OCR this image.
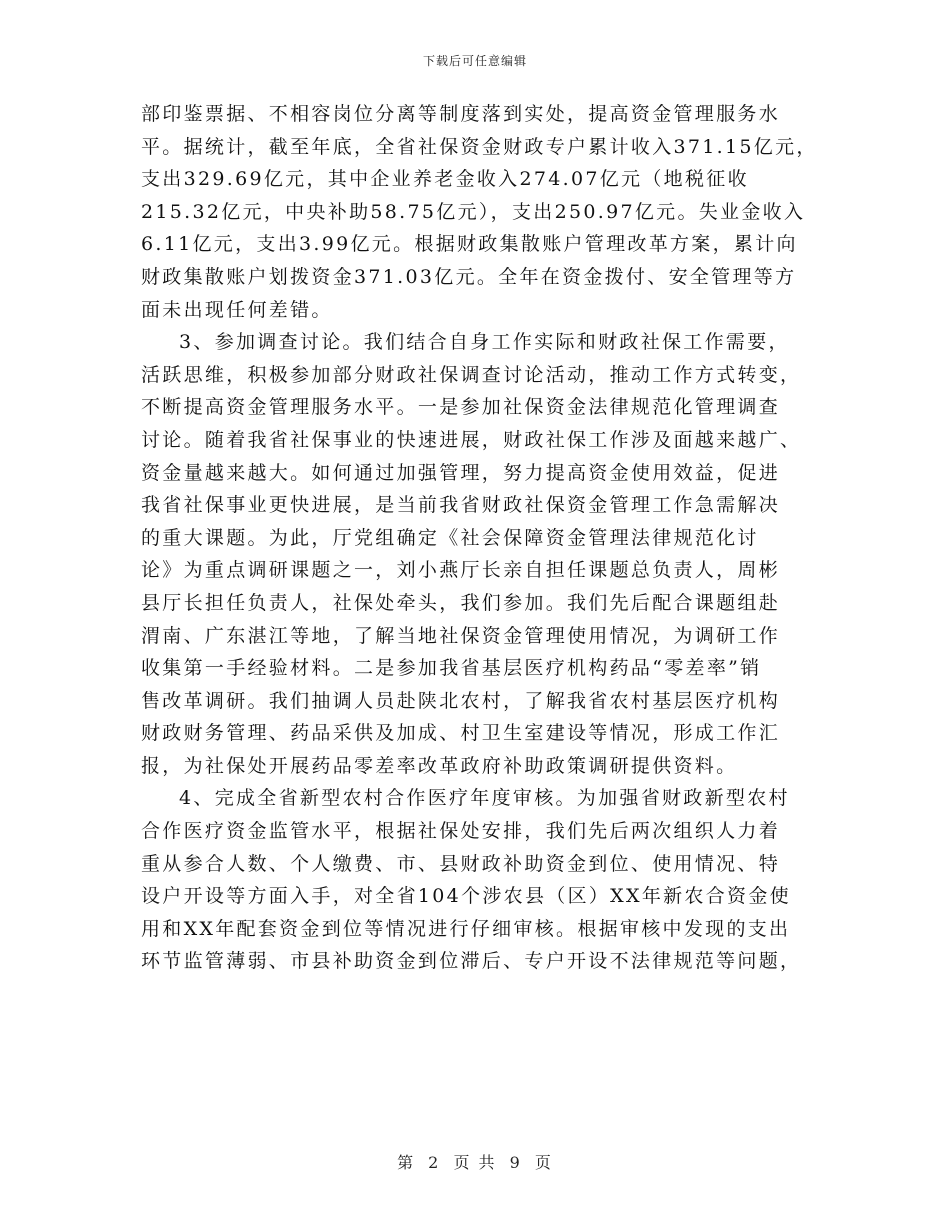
下载后可任意编辑
部印鉴票据、不相容岗位分离等制度落到实处，提高资金管理服务水
平。据统计，截至年底，全省社保资金财政专户累计收入371.15亿元，
支出329.69亿元，其中企业养老金收入274.07亿元（地税征收
215.32亿元，中央补助58.75亿元），支出250.97亿元。失业金收入
6.11亿元，支出3.99亿元。根据财政集散账户管理改革方案，累计向
财政集散账户划拨资金371.03亿元。全年在资金拨付、安全管理等方
面未出现任何差错。
3、参加调查讨论。我们结合自身工作实际和财政社保工作需要，
活跃思维，积极参加部分财政社保调查讨论活动，推动工作方式转变，
不断提高资金管理服务水平。一是参加社保资金法律规范化管理调查
讨论。随着我省社保事业的快速进展，财政社保工作涉及面越来越广、
资金量越来越大。如何通过加强管理，努力提高资金使用效益，促进
我省社保事业更快进展，是当前我省财政社保资金管理工作急需解决
的重大课题。为此，厅党组确定《社会保障资金管理法律规范化讨
论》为重点调研课题之一，刘小燕厅长亲自担任课题总负责人，周彬
县厅长担任负责人，社保处牵头，我们参加。我们先后配合课题组赴
渭南、广东湛江等地，了解当地社保资金管理使用情况，为调研工作
收集第一手经验材料。二是参加我省基层医疗机构药品“零差率”销
售改革调研。我们抽调人员赴陕北农村，了解我省农村基层医疗机构
财政财务管理、药品采供及加成、村卫生室建设等情况，形成工作汇
报，为社保处开展药品零差率改革政府补助政策调研提供资料。
4、完成全省新型农村合作医疗年度审核。为加强省财政新型农村
合作医疗资金监管水平，根据社保处安排，我们先后两次组织人力着
重从参合人数、个人缴费、市、县财政补助资金到位、使用情况、特
设户开设等方面入手，对全省104个涉农县（区）XX年新农合资金使
用和XX年配套资金到位等情况进行仔细审核。根据审核中发现的支出
环节监管薄弱、市县补助资金到位滞后、专户开设不法律规范等问题，
第 2 页 共 9 页
